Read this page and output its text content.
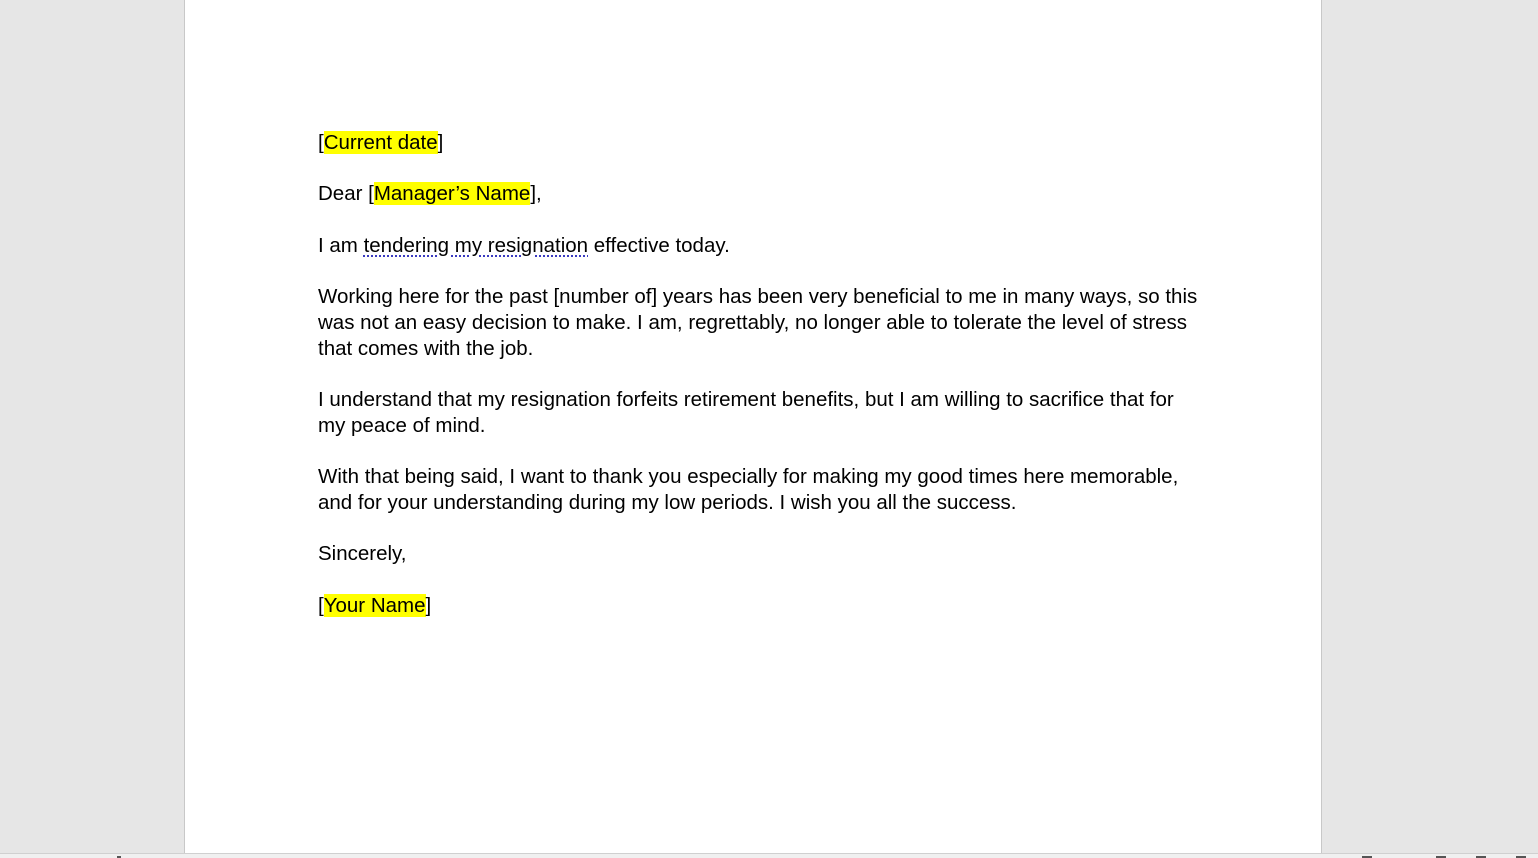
[Current date]

Dear [Manager’s Name],

I am tendering my resignation effective today.

Working here for the past [number of] years has been very beneficial to me in many ways, so this was not an easy decision to make. I am, regrettably, no longer able to tolerate the level of stress that comes with the job.

I understand that my resignation forfeits retirement benefits, but I am willing to sacrifice that for my peace of mind.

With that being said, I want to thank you especially for making my good times here memorable, and for your understanding during my low periods. I wish you all the success.

Sincerely,

[Your Name]
